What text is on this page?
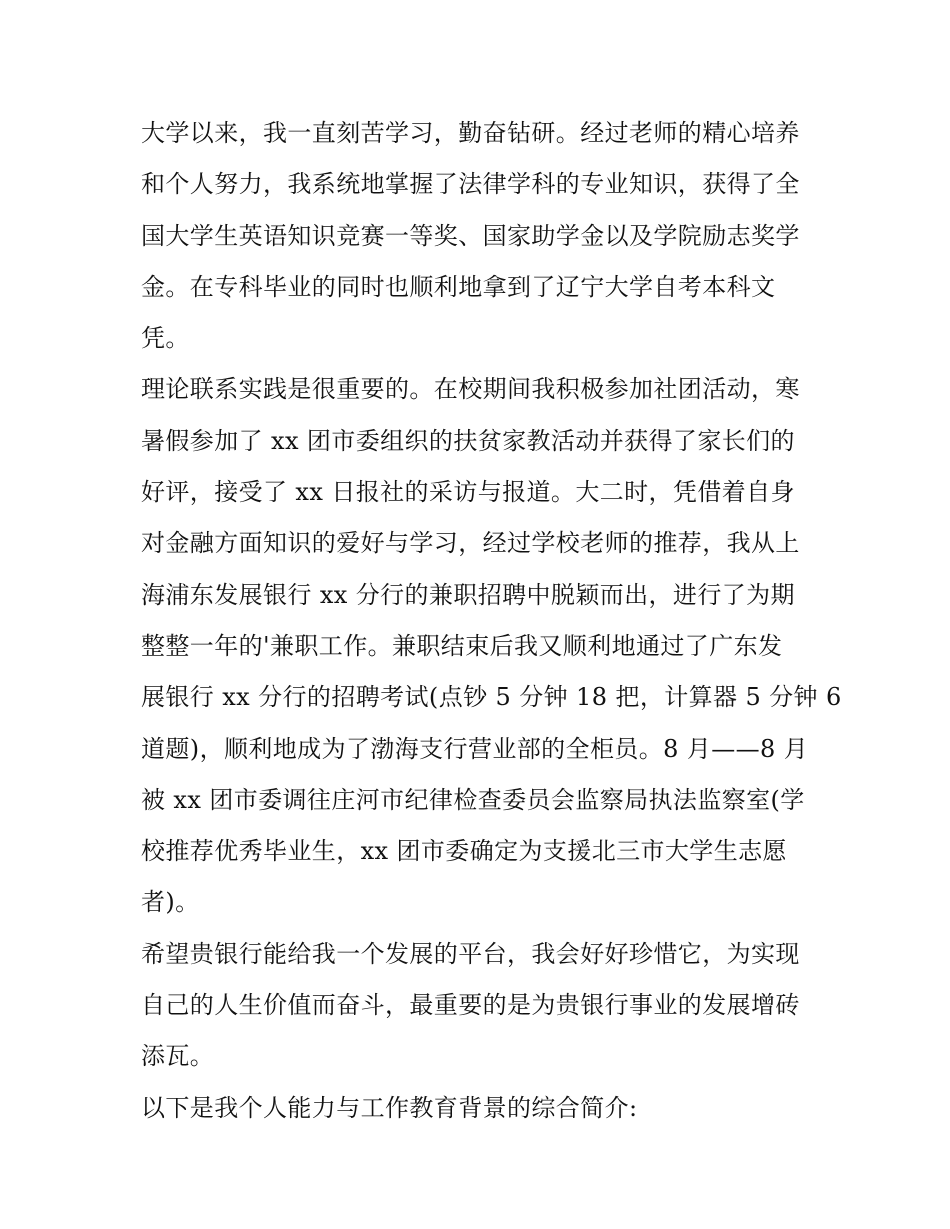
大学以来，我一直刻苦学习，勤奋钻研。经过老师的精心培养
和个人努力，我系统地掌握了法律学科的专业知识，获得了全
国大学生英语知识竞赛一等奖、国家助学金以及学院励志奖学
金。在专科毕业的同时也顺利地拿到了辽宁大学自考本科文
凭。
理论联系实践是很重要的。在校期间我积极参加社团活动，寒
暑假参加了 xx 团市委组织的扶贫家教活动并获得了家长们的
好评，接受了 xx 日报社的采访与报道。大二时，凭借着自身
对金融方面知识的爱好与学习，经过学校老师的推荐，我从上
海浦东发展银行 xx 分行的兼职招聘中脱颖而出，进行了为期
整整一年的'兼职工作。兼职结束后我又顺利地通过了广东发
展银行 xx 分行的招聘考试(点钞 5 分钟 18 把，计算器 5 分钟 6
道题)，顺利地成为了渤海支行营业部的全柜员。8 月——8 月
被 xx 团市委调往庄河市纪律检查委员会监察局执法监察室(学
校推荐优秀毕业生，xx 团市委确定为支援北三市大学生志愿
者)。
希望贵银行能给我一个发展的平台，我会好好珍惜它，为实现
自己的人生价值而奋斗，最重要的是为贵银行事业的发展增砖
添瓦。
以下是我个人能力与工作教育背景的综合简介:
